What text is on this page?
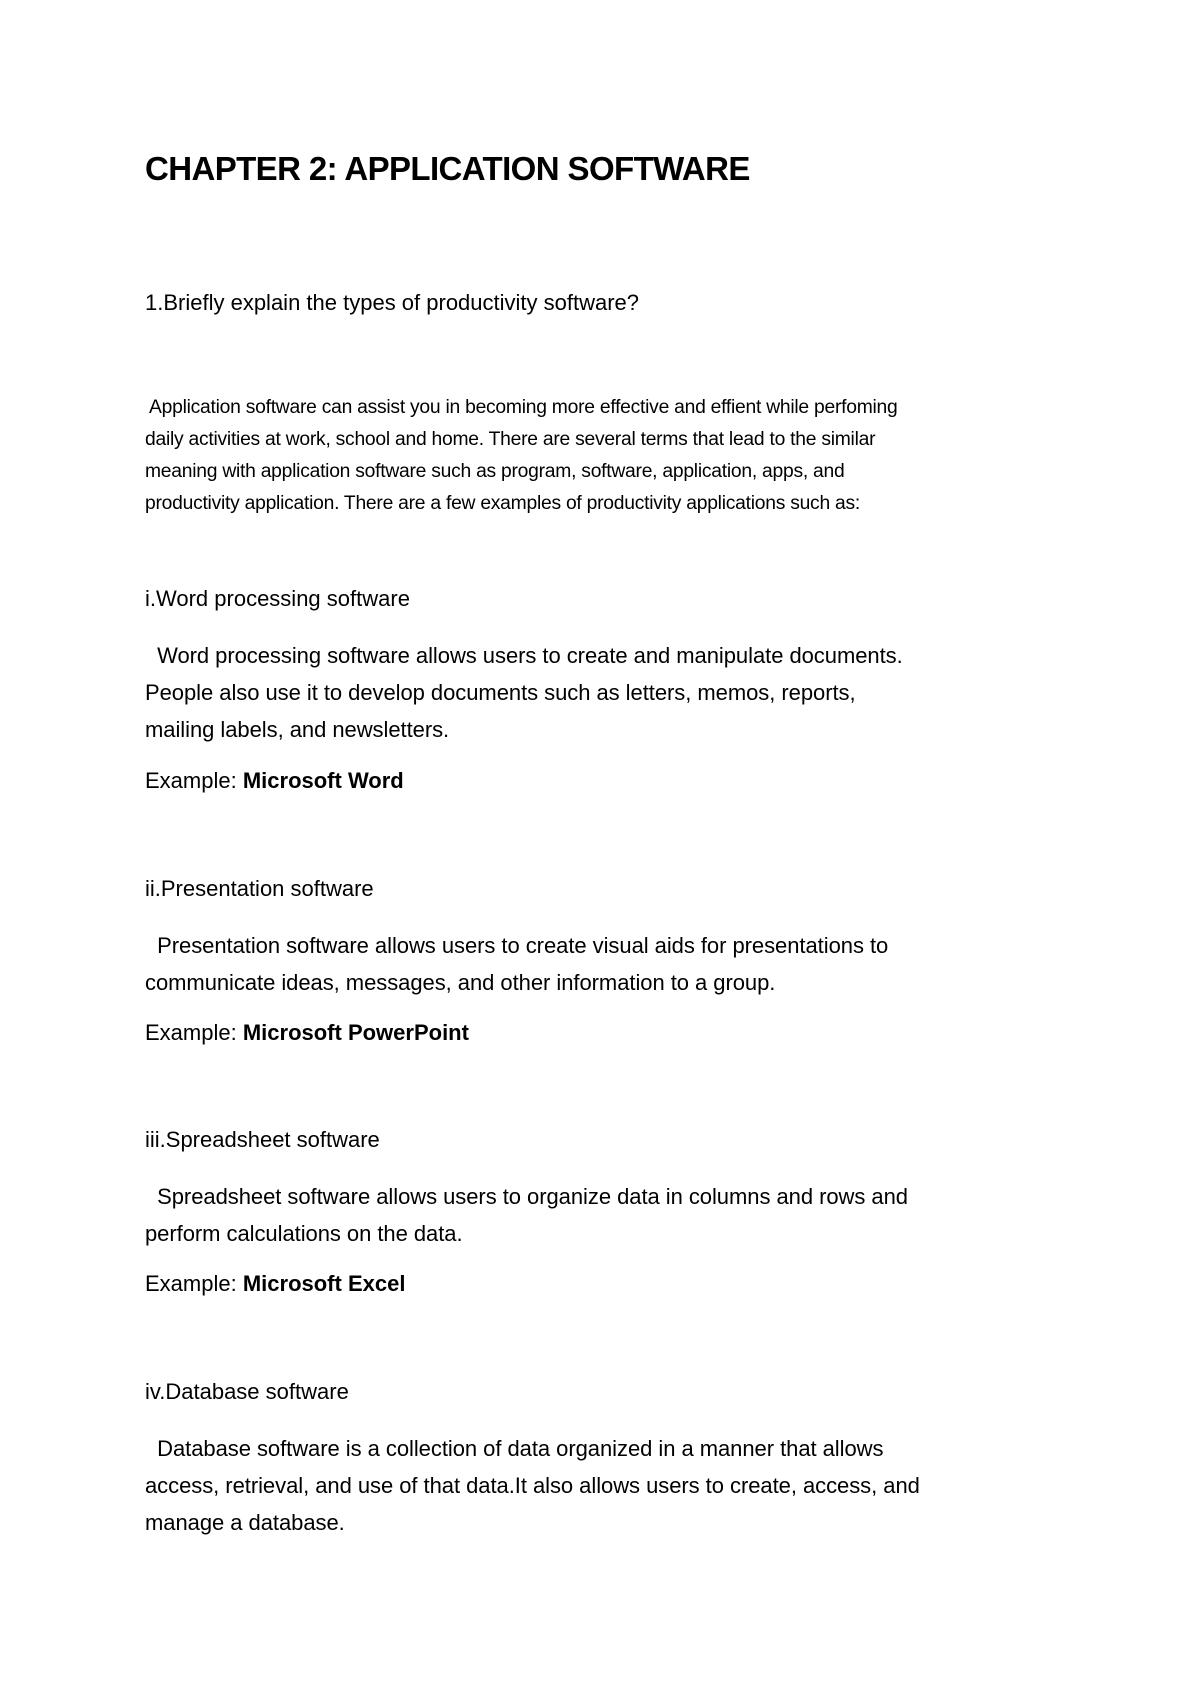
CHAPTER 2: APPLICATION SOFTWARE

1.Briefly explain the types of productivity software?

Application software can assist you in becoming more effective and effient while perfoming
daily activities at work, school and home. There are several terms that lead to the similar
meaning with application software such as program, software, application, apps, and
productivity application. There are a few examples of productivity applications such as:

i.Word processing software

Word processing software allows users to create and manipulate documents.
People also use it to develop documents such as letters, memos, reports,
mailing labels, and newsletters.

Example: Microsoft Word

ii.Presentation software

Presentation software allows users to create visual aids for presentations to
communicate ideas, messages, and other information to a group.

Example: Microsoft PowerPoint

iii.Spreadsheet software

Spreadsheet software allows users to organize data in columns and rows and
perform calculations on the data.

Example: Microsoft Excel

iv.Database software

Database software is a collection of data organized in a manner that allows
access, retrieval, and use of that data.It also allows users to create, access, and
manage a database.
